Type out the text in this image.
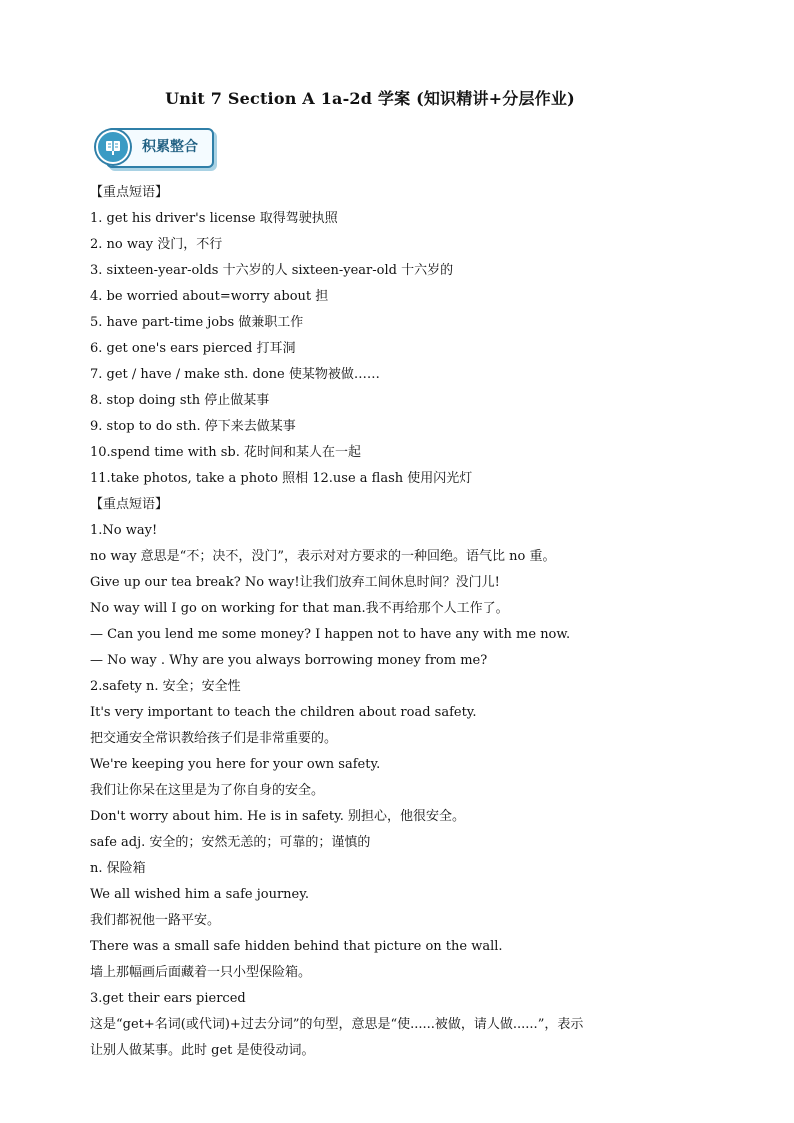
Unit 7 Section A 1a-2d 学案 (知识精讲+分层作业)
积累整合
【重点短语】
1. get his driver's license 取得驾驶执照
2. no way 没门，不行
3. sixteen-year-olds 十六岁的人 sixteen-year-old 十六岁的
4. be worried about=worry about 担
5. have part-time jobs 做兼职工作
6. get one's ears pierced 打耳洞
7. get / have / make sth. done 使某物被做……
8. stop doing sth 停止做某事
9. stop to do sth. 停下来去做某事
10.spend time with sb. 花时间和某人在一起
11.take photos, take a photo 照相 12.use a flash 使用闪光灯
【重点短语】
1.No way!
no way 意思是“不；决不，没门”，表示对对方要求的一种回绝。语气比 no 重。
Give up our tea break? No way!让我们放弃工间休息时间？没门儿!
No way will I go on working for that man.我不再给那个人工作了。
— Can you lend me some money? I happen not to have any with me now.
— No way . Why are you always borrowing money from me?
2.safety n. 安全；安全性
It's very important to teach the children about road safety.
把交通安全常识教给孩子们是非常重要的。
We're keeping you here for your own safety.
我们让你呆在这里是为了你自身的安全。
Don't worry about him. He is in safety. 别担心，他很安全。
safe adj. 安全的；安然无恙的；可靠的；谨慎的
n. 保险箱
We all wished him a safe journey.
我们都祝他一路平安。
There was a small safe hidden behind that picture on the wall.
墙上那幅画后面藏着一只小型保险箱。
3.get their ears pierced
这是“get+名词(或代词)+过去分词”的句型，意思是“使......被做，请人做......”，表示
让别人做某事。此时 get 是使役动词。
